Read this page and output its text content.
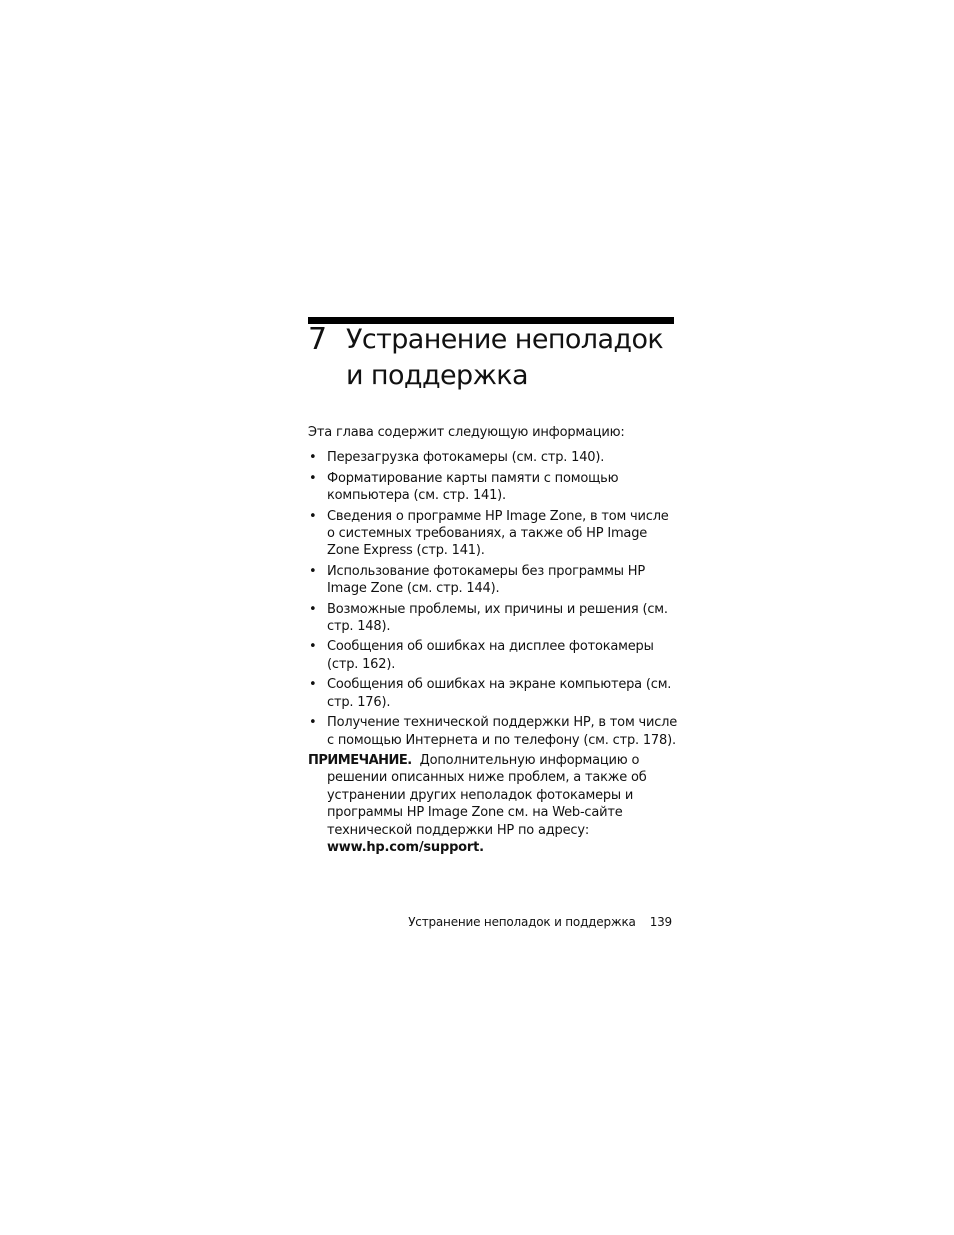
7 Устранение неполадок
и поддержка

Эта глава содержит следующую информацию:

• Перезагрузка фотокамеры (см. стр. 140).
• Форматирование карты памяти с помощью компьютера (см. стр. 141).
• Сведения о программе HP Image Zone, в том числе о системных требованиях, а также об HP Image Zone Express (стр. 141).
• Использование фотокамеры без программы HP Image Zone (см. стр. 144).
• Возможные проблемы, их причины и решения (см. стр. 148).
• Сообщения об ошибках на дисплее фотокамеры (стр. 162).
• Сообщения об ошибках на экране компьютера (см. стр. 176).
• Получение технической поддержки HP, в том числе с помощью Интернета и по телефону (см. стр. 178).

ПРИМЕЧАНИЕ. Дополнительную информацию о решении описанных ниже проблем, а также об устранении других неполадок фотокамеры и программы HP Image Zone см. на Web-сайте технической поддержки HP по адресу: www.hp.com/support.

Устранение неполадок и поддержка 139
